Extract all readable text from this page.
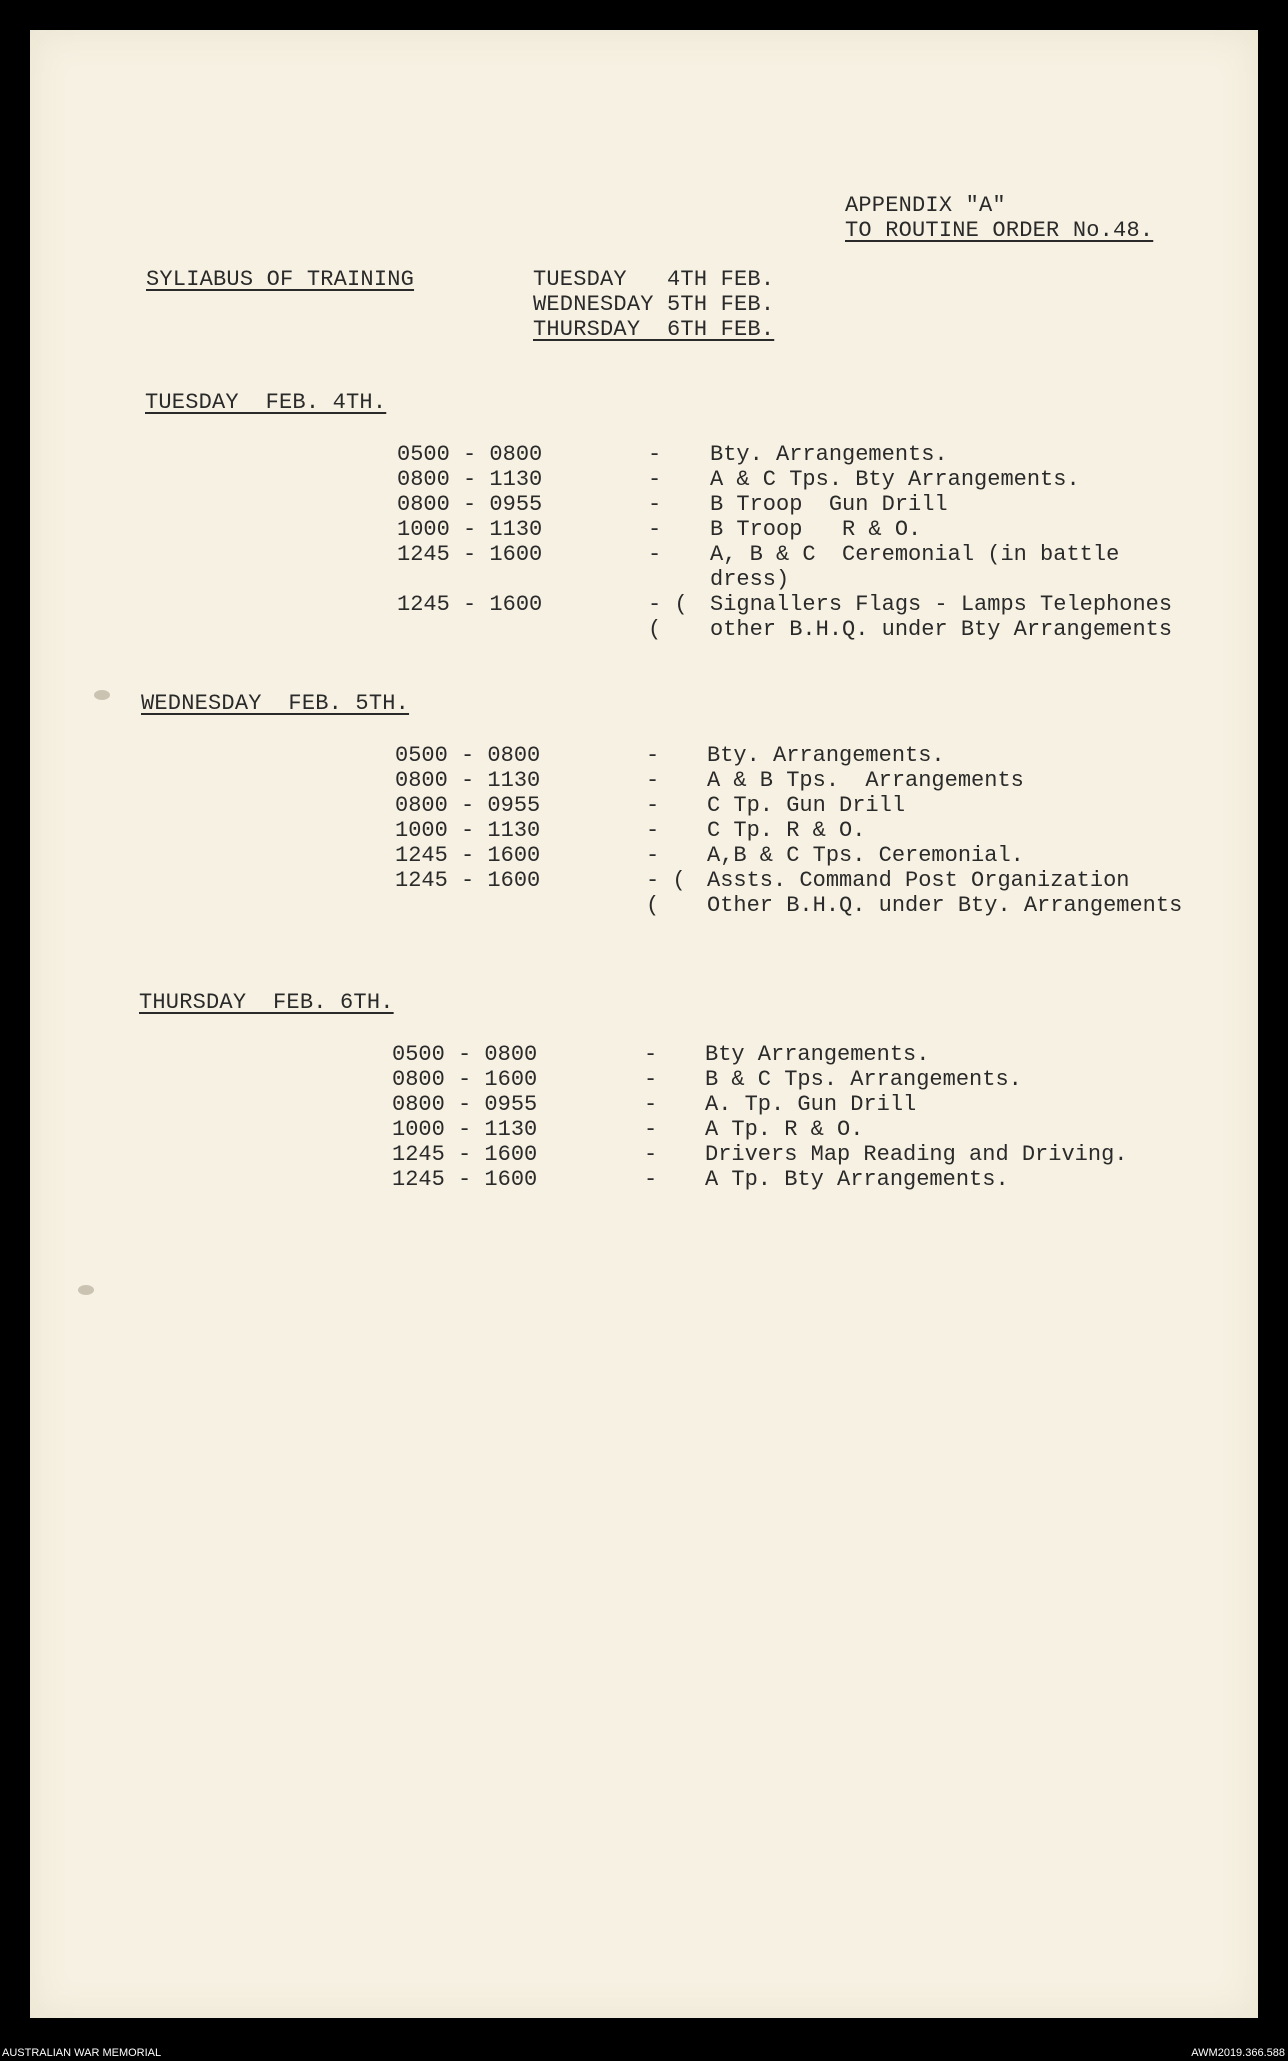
APPENDIX "A"
TO ROUTINE ORDER No.48.
SYLIABUS OF TRAINING	TUESDAY   4TH FEB.
WEDNESDAY 5TH FEB.
THURSDAY  6TH FEB.
TUESDAY  FEB. 4TH.
0500 - 0800	- Bty. Arrangements.
0800 - 1130	- A & C Tps. Bty Arrangements.
0800 - 0955	- B Troop  Gun Drill
1000 - 1130	- B Troop   R & O.
1245 - 1600	- A, B & C  Ceremonial (in battle
dress)
1245 - 1600	- ( Signallers Flags - Lamps Telephones
( other B.H.Q. under Bty Arrangements
WEDNESDAY  FEB. 5TH.
0500 - 0800	- Bty. Arrangements.
0800 - 1130	- A & B Tps.  Arrangements
0800 - 0955	- C Tp. Gun Drill
1000 - 1130	- C Tp. R & O.
1245 - 1600	- A,B & C Tps. Ceremonial.
1245 - 1600	- ( Assts. Command Post Organization
( Other B.H.Q. under Bty. Arrangements
THURSDAY  FEB. 6TH.
0500 - 0800	- Bty Arrangements.
0800 - 1600	- B & C Tps. Arrangements.
0800 - 0955	- A. Tp. Gun Drill
1000 - 1130	- A Tp. R & O.
1245 - 1600	- Drivers Map Reading and Driving.
1245 - 1600	- A Tp. Bty Arrangements.
AUSTRALIAN WAR MEMORIAL	AWM2019.366.588
